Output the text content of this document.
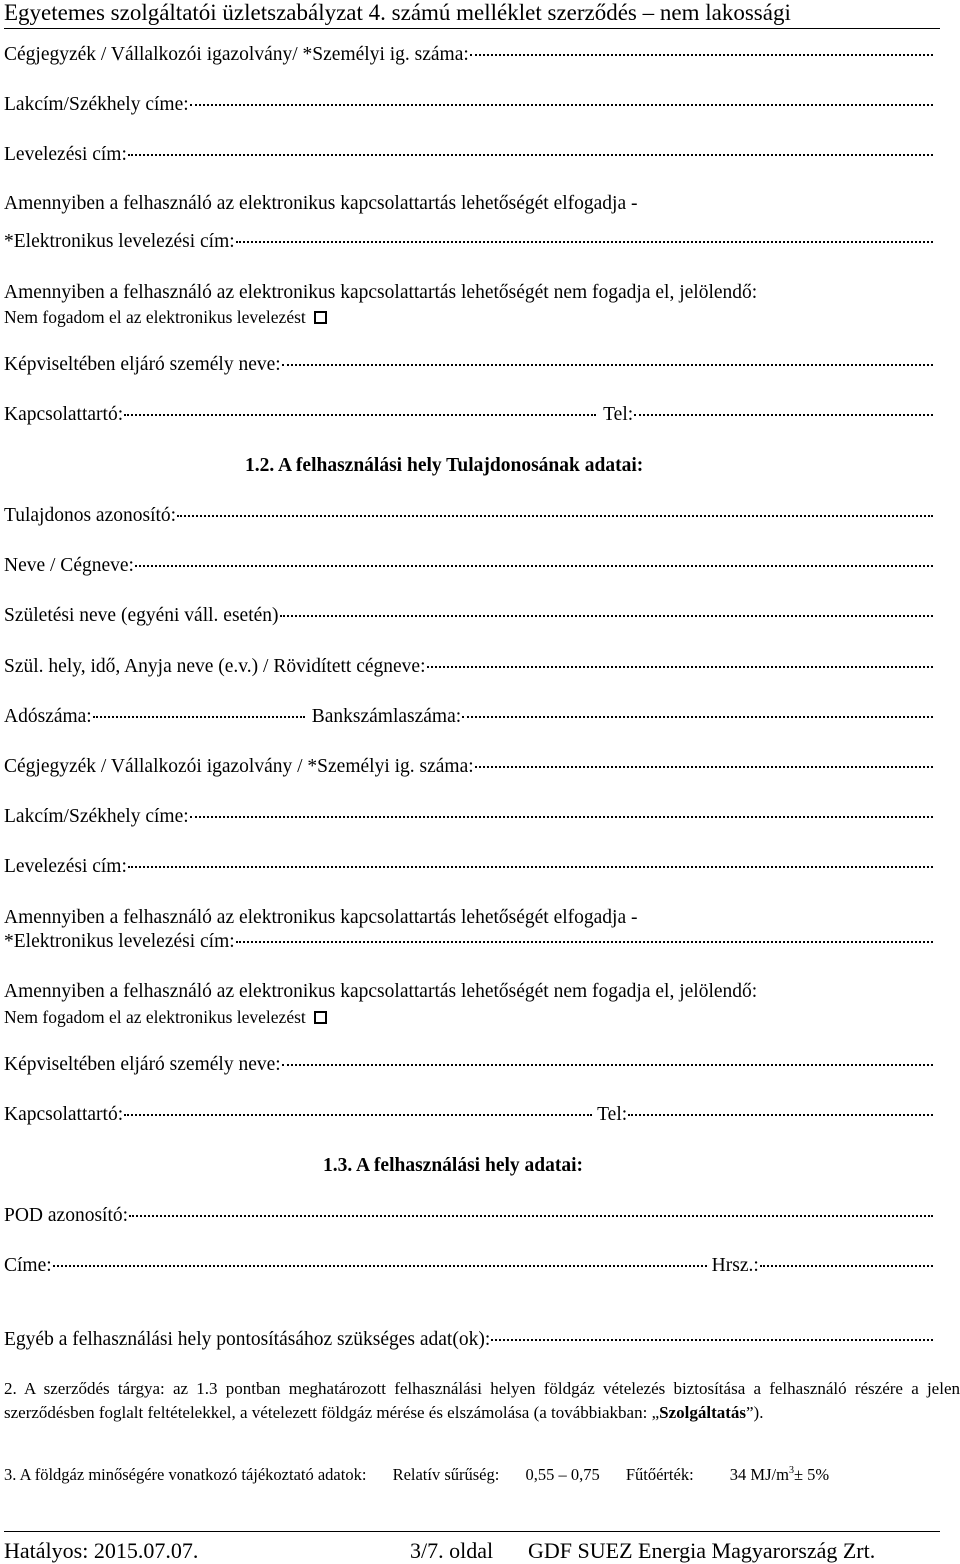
Egyetemes szolgáltatói üzletszabályzat 4. számú melléklet szerződés – nem lakossági
Cégjegyzék / Vállalkozói igazolvány/ *Személyi ig. száma:
Lakcím/Székhely címe:
Levelezési cím:
Amennyiben a felhasználó az elektronikus kapcsolattartás lehetőségét elfogadja -
*Elektronikus levelezési cím:
Amennyiben a felhasználó az elektronikus kapcsolattartás lehetőségét nem fogadja el, jelölendő:
Nem fogadom el az elektronikus levelezést
Képviseltében eljáró személy neve:
Kapcsolattartó:	Tel:
1.2. A felhasználási hely Tulajdonosának adatai:
Tulajdonos azonosító:
Neve / Cégneve:
Születési neve (egyéni váll. esetén)
Szül. hely, idő, Anyja neve (e.v.) / Rövidített cégneve:
Adószáma:	Bankszámlaszáma:
Cégjegyzék / Vállalkozói igazolvány / *Személyi ig. száma:
Lakcím/Székhely címe:
Levelezési cím:
Amennyiben a felhasználó az elektronikus kapcsolattartás lehetőségét elfogadja -
*Elektronikus levelezési cím:
Amennyiben a felhasználó az elektronikus kapcsolattartás lehetőségét nem fogadja el, jelölendő:
Nem fogadom el az elektronikus levelezést
Képviseltében eljáró személy neve:
Kapcsolattartó:	Tel:
1.3. A felhasználási hely adatai:
POD azonosító:
Címe:	Hrsz.:
Egyéb a felhasználási hely pontosításához szükséges adat(ok):
2. A szerződés tárgya: az 1.3 pontban meghatározott felhasználási helyen földgáz vételezés biztosítása a felhasználó részére a jelen szerződésben foglalt feltételekkel, a vételezett földgáz mérése és elszámolása (a továbbiakban: „Szolgáltatás”).
3. A földgáz minőségére vonatkozó tájékoztató adatok: Relatív sűrűség: 0,55 – 0,75 Fűtőérték: 34 $MJ/m^3\pm 5\%$
Hatályos: 2015.07.07.	3/7. oldal GDF SUEZ Energia Magyarország Zrt.
